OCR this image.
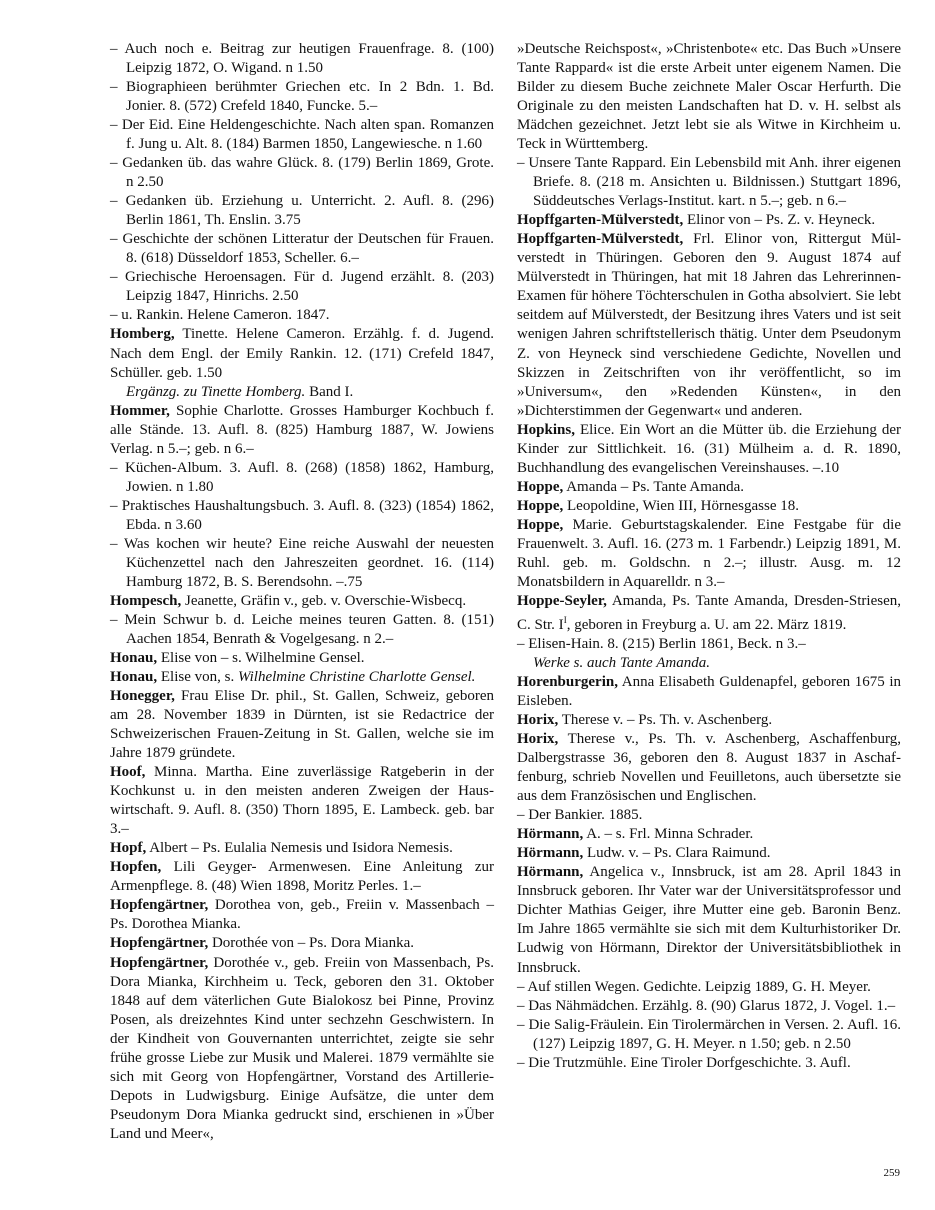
– Auch noch e. Beitrag zur heutigen Frauenfrage. 8. (100) Leipzig 1872, O. Wigand. n 1.50

– Biographieen berühmter Griechen etc. In 2 Bdn. 1. Bd. Jonier. 8. (572) Crefeld 1840, Funcke. 5.–

– Der Eid. Eine Heldengeschichte. Nach alten span. Romanzen f. Jung u. Alt. 8. (184) Barmen 1850, Langewiesche. n 1.60

– Gedanken üb. das wahre Glück. 8. (179) Berlin 1869, Grote. n 2.50

– Gedanken üb. Erziehung u. Unterricht. 2. Aufl. 8. (296) Berlin 1861, Th. Enslin. 3.75

– Geschichte der schönen Litteratur der Deutschen für Frauen. 8. (618) Düsseldorf 1853, Scheller. 6.–

– Griechische Heroensagen. Für d. Jugend erzählt. 8. (203) Leipzig 1847, Hinrichs. 2.50

– u. Rankin. Helene Cameron. 1847.

Homberg, Tinette. Helene Cameron. Erzählg. f. d. Jugend. Nach dem Engl. der Emily Rankin. 12. (171) Crefeld 1847, Schüller. geb. 1.50

Ergänzg. zu Tinette Homberg. Band I.

Hommer, Sophie Charlotte. Grosses Hamburger Kochbuch f. alle Stände. 13. Aufl. 8. (825) Hamburg 1887, W. Jowiens Verlag. n 5.–; geb. n 6.–

– Küchen-Album. 3. Aufl. 8. (268) (1858) 1862, Hamburg, Jowien. n 1.80

– Praktisches Haushaltungsbuch. 3. Aufl. 8. (323) (1854) 1862, Ebda. n 3.60

– Was kochen wir heute? Eine reiche Auswahl der neuesten Küchenzettel nach den Jahreszeiten geordnet. 16. (114) Hamburg 1872, B. S. Berendsohn. –.75

Hompesch, Jeanette, Gräfin v., geb. v. Overschie-Wisbecq.

– Mein Schwur b. d. Leiche meines teuren Gatten. 8. (151) Aachen 1854, Benrath & Vogelgesang. n 2.–

Honau, Elise von – s. Wilhelmine Gensel.

Honau, Elise von, s. Wilhelmine Christine Charlotte Gensel.

Honegger, Frau Elise Dr. phil., St. Gallen, Schweiz, geboren am 28. November 1839 in Dürnten, ist sie Redactrice der Schweizerischen Frauen-Zeitung in St. Gallen, welche sie im Jahre 1879 gründete.

Hoof, Minna. Martha. Eine zuverlässige Ratgeberin in der Kochkunst u. in den meisten anderen Zweigen der Hauswirtschaft. 9. Aufl. 8. (350) Thorn 1895, E. Lambeck. geb. bar 3.–

Hopf, Albert – Ps. Eulalia Nemesis und Isidora Nemesis.

Hopfen, Lili Geyger- Armenwesen. Eine Anleitung zur Armenpflege. 8. (48) Wien 1898, Moritz Perles. 1.–

Hopfengärtner, Dorothea von, geb., Freiin v. Massenbach – Ps. Dorothea Mianka.

Hopfengärtner, Dorothée von – Ps. Dora Mianka.

Hopfengärtner, Dorothée v., geb. Freiin von Massenbach, Ps. Dora Mianka, Kirchheim u. Teck, geboren den 31. Oktober 1848 auf dem väterlichen Gute Bialokosz bei Pinne, Provinz Posen, als dreizehntes Kind unter sechzehn Geschwistern. In der Kindheit von Gouvernanten unterrichtet, zeigte sie sehr frühe grosse Liebe zur Musik und Malerei. 1879 vermählte sie sich mit Georg von Hopfengärtner, Vorstand des Artillerie-Depots in Ludwigsburg. Einige Aufsätze, die unter dem Pseudonym Dora Mianka gedruckt sind, erschienen in »Über Land und Meer«,

»Deutsche Reichspost«, »Christenbote« etc. Das Buch »Unsere Tante Rappard« ist die erste Arbeit unter eigenem Namen. Die Bilder zu diesem Buche zeichnete Maler Oscar Herfurth. Die Originale zu den meisten Landschaften hat D. v. H. selbst als Mädchen gezeichnet. Jetzt lebt sie als Witwe in Kirchheim u. Teck in Württemberg.

– Unsere Tante Rappard. Ein Lebensbild mit Anh. ihrer eigenen Briefe. 8. (218 m. Ansichten u. Bildnissen.) Stuttgart 1896, Süddeutsches Verlags-Institut. kart. n 5.–; geb. n 6.–

Hopffgarten-Mülverstedt, Elinor von – Ps. Z. v. Heyneck.

Hopffgarten-Mülverstedt, Frl. Elinor von, Rittergut Mülverstedt in Thüringen. Geboren den 9. August 1874 auf Mülverstedt in Thüringen, hat mit 18 Jahren das Lehrerinnen-Examen für höhere Töchterschulen in Gotha absolviert. Sie lebt seitdem auf Mülverstedt, der Besitzung ihres Vaters und ist seit wenigen Jahren schriftstellerisch thätig. Unter dem Pseudonym Z. von Heyneck sind verschiedene Gedichte, Novellen und Skizzen in Zeitschriften von ihr veröffentlicht, so im »Universum«, den »Redenden Künsten«, in den »Dichterstimmen der Gegenwart« und anderen.

Hopkins, Elice. Ein Wort an die Mütter üb. die Erziehung der Kinder zur Sittlichkeit. 16. (31) Mülheim a. d. R. 1890, Buchhandlung des evangelischen Vereinshauses. –.10

Hoppe, Amanda – Ps. Tante Amanda.

Hoppe, Leopoldine, Wien III, Hörnesgasse 18.

Hoppe, Marie. Geburtstagskalender. Eine Festgabe für die Frauenwelt. 3. Aufl. 16. (273 m. 1 Farbendr.) Leipzig 1891, M. Ruhl. geb. m. Goldschn. n 2.–; illustr. Ausg. m. 12 Monatsbildern in Aquarelldr. n 3.–

Hoppe-Seyler, Amanda, Ps. Tante Amanda, Dresden-Striesen, C. Str. $I^I$, geboren in Freyburg a. U. am 22. März 1819.

– Elisen-Hain. 8. (215) Berlin 1861, Beck. n 3.–

Werke s. auch Tante Amanda.

Horenburgerin, Anna Elisabeth Guldenapfel, geboren 1675 in Eisleben.

Horix, Therese v. – Ps. Th. v. Aschenberg.

Horix, Therese v., Ps. Th. v. Aschenberg, Aschaffenburg, Dalbergstrasse 36, geboren den 8. August 1837 in Aschaffenburg, schrieb Novellen und Feuilletons, auch übersetzte sie aus dem Französischen und Englischen.

– Der Bankier. 1885.

Hörmann, A. – s. Frl. Minna Schrader.

Hörmann, Ludw. v. – Ps. Clara Raimund.

Hörmann, Angelica v., Innsbruck, ist am 28. April 1843 in Innsbruck geboren. Ihr Vater war der Universitätsprofessor und Dichter Mathias Geiger, ihre Mutter eine geb. Baronin Benz. Im Jahre 1865 vermählte sie sich mit dem Kulturhistoriker Dr. Ludwig von Hörmann, Direktor der Universitätsbibliothek in Innsbruck.

– Auf stillen Wegen. Gedichte. Leipzig 1889, G. H. Meyer.

– Das Nähmädchen. Erzählg. 8. (90) Glarus 1872, J. Vogel. 1.–

– Die Salig-Fräulein. Ein Tirolermärchen in Versen. 2. Aufl. 16. (127) Leipzig 1897, G. H. Meyer. n 1.50; geb. n 2.50

– Die Trutzmühle. Eine Tiroler Dorfgeschichte. 3. Aufl.

259
